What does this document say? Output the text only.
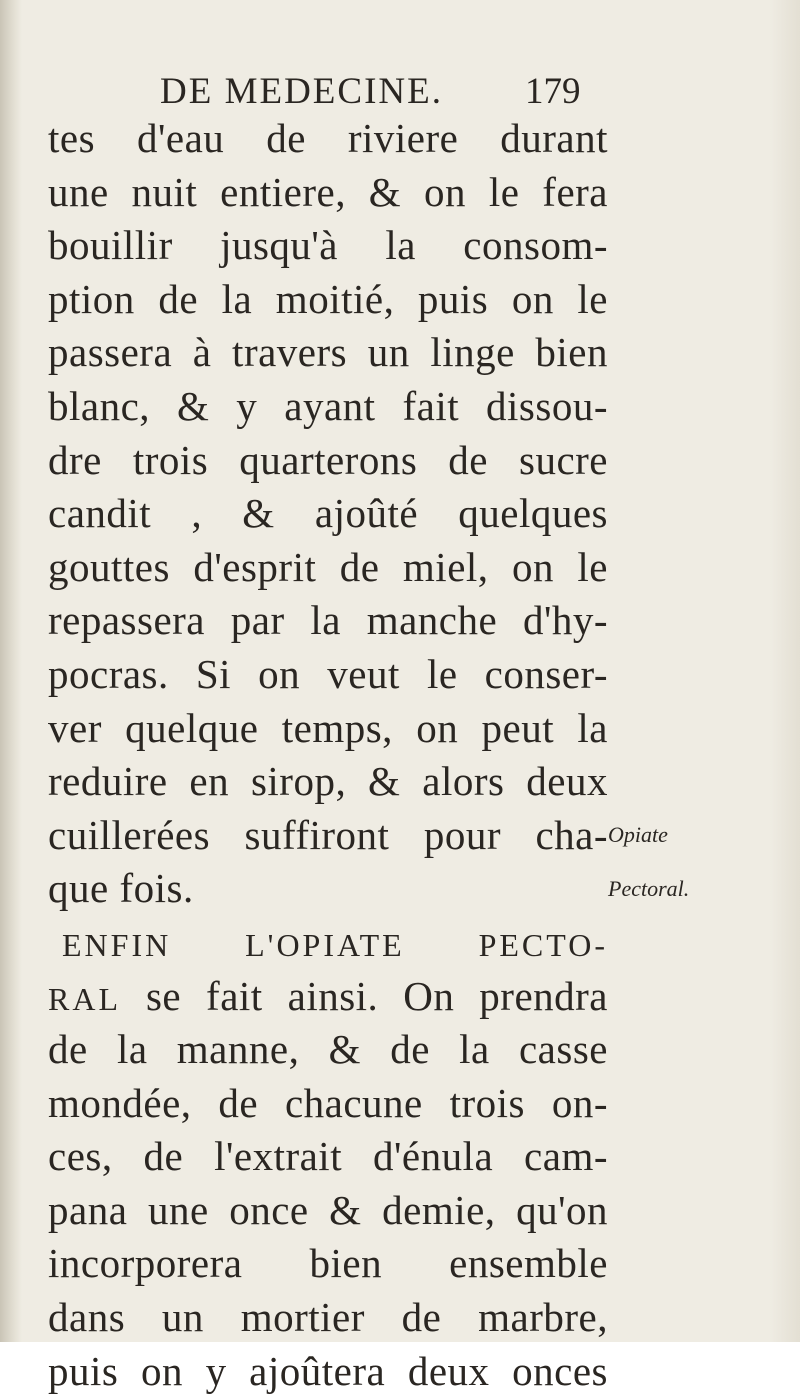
DE MEDECINE. 179
tes d'eau de riviere durant
une nuit entiere, & on le fera
bouillir jusqu'à la consom-
ption de la moitié, puis on le
passera à travers un linge bien
blanc, & y ayant fait dissou-
dre trois quarterons de sucre
candit , & ajoûté quelques
gouttes d'esprit de miel, on le
repassera par la manche d'hy-
pocras. Si on veut le conser-
ver quelque temps, on peut la
reduire en sirop, & alors deux
cuillerées suffiront pour cha-
que fois.
ENFIN L'OPIATE PECTO-
RAL se fait ainsi. On prendra
de la manne, & de la casse
mondée, de chacune trois on-
ces, de l'extrait d'énula cam-
pana une once & demie, qu'on
incorporera bien ensemble
dans un mortier de marbre,
puis on y ajoûtera deux onces
Opiate
Pectoral.
